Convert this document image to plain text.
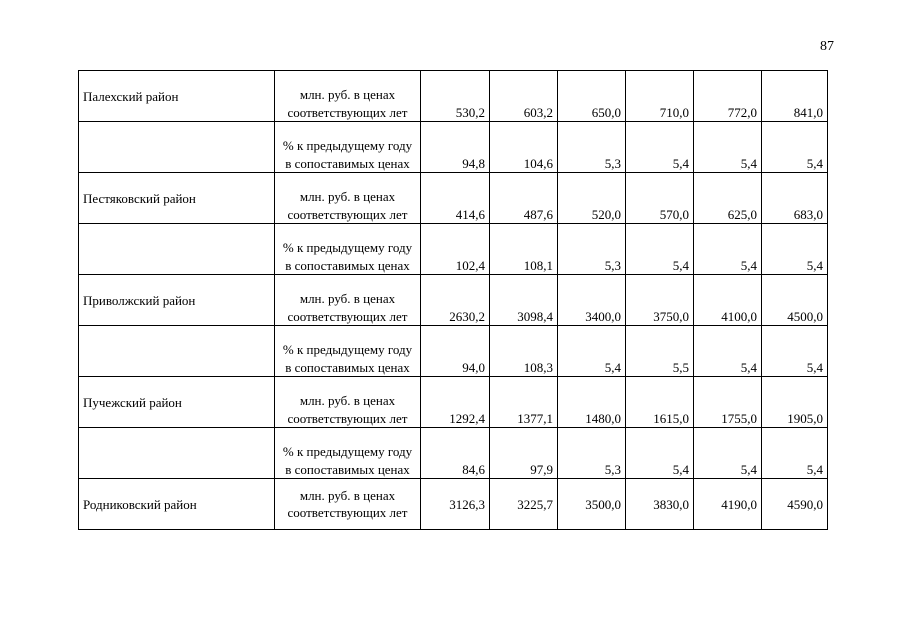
87
Палехский район	млн. руб. в ценах соответствующих лет	530,2	603,2	650,0	710,0	772,0	841,0
	% к предыдущему году в сопоставимых ценах	94,8	104,6	5,3	5,4	5,4	5,4
Пестяковский район	млн. руб. в ценах соответствующих лет	414,6	487,6	520,0	570,0	625,0	683,0
	% к предыдущему году в сопоставимых ценах	102,4	108,1	5,3	5,4	5,4	5,4
Приволжский район	млн. руб. в ценах соответствующих лет	2630,2	3098,4	3400,0	3750,0	4100,0	4500,0
	% к предыдущему году в сопоставимых ценах	94,0	108,3	5,4	5,5	5,4	5,4
Пучежский район	млн. руб. в ценах соответствующих лет	1292,4	1377,1	1480,0	1615,0	1755,0	1905,0
	% к предыдущему году в сопоставимых ценах	84,6	97,9	5,3	5,4	5,4	5,4
Родниковский район	млн. руб. в ценах соответствующих лет	3126,3	3225,7	3500,0	3830,0	4190,0	4590,0
